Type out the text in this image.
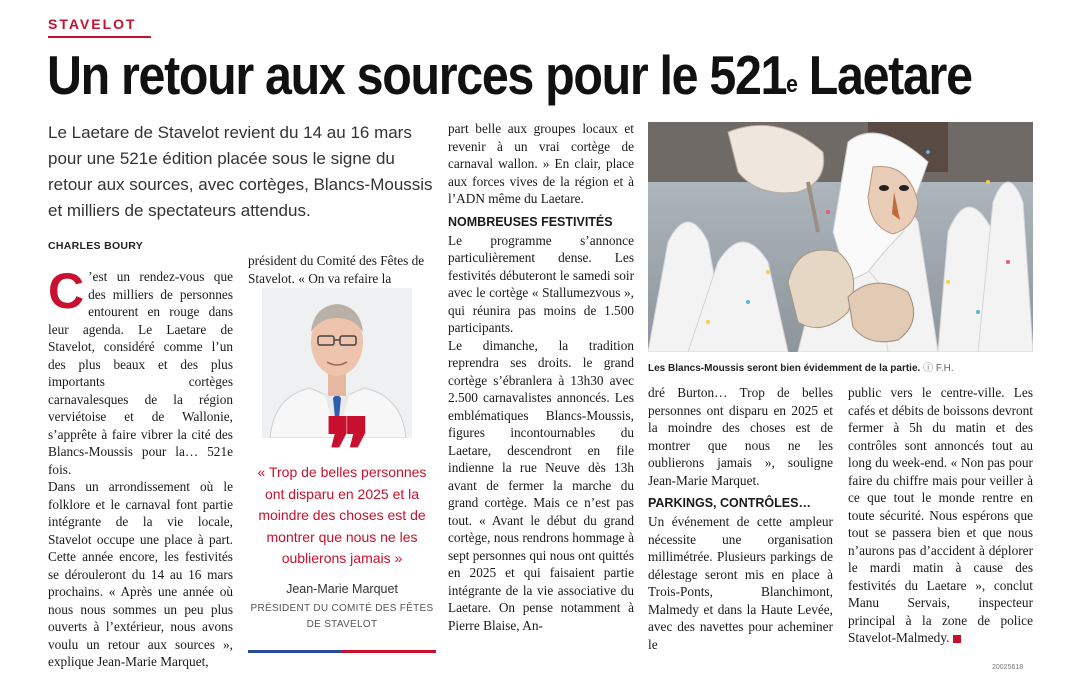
STAVELOT
Un retour aux sources pour le 521e Laetare

Le Laetare de Stavelot revient du 14 au 16 mars pour une 521e édition placée sous le signe du retour aux sources, avec cortèges, Blancs-Moussis et milliers de spectateurs attendus.

CHARLES BOURY
C ’est un rendez-vous que des milliers de personnes entourent en rouge dans leur agenda. Le Laetare de Stavelot, considéré comme l’un des plus beaux et des plus importants cortèges carnavalesques de la région verviétoise et de Wallonie, s’apprête à faire vibrer la cité des Blancs-Moussis pour la… 521e fois.

Dans un arrondissement où le folklore et le carnaval font partie intégrante de la vie locale, Stavelot occupe une place à part. Cette année encore, les festivités se dérouleront du 14 au 16 mars prochains. « Après une année où nous nous sommes un peu plus ouverts à l’extérieur, nous avons voulu un retour aux sources », explique Jean-Marie Marquet,

président du Comité des Fêtes de Stavelot. « On va refaire la

❞
« Trop de belles personnes ont disparu en 2025 et la moindre des choses est de montrer que nous ne les oublierons jamais »
Jean-Marie Marquet
PRÉSIDENT DU COMITÉ DES FÊTES DE STAVELOT

part belle aux groupes locaux et revenir à un vrai cortège de carnaval wallon. » En clair, place aux forces vives de la région et à l’ADN même du Laetare.

NOMBREUSES FESTIVITÉS

Le programme s’annonce particulièrement dense. Les festivités débuteront le samedi soir avec le cortège « Stallumezvous », qui réunira pas moins de 1.500 participants.

Le dimanche, la tradition reprendra ses droits. le grand cortège s’ébranlera à 13h30 avec 2.500 carnavalistes annoncés. Les emblématiques Blancs-Moussis, figures incontournables du Laetare, descendront en file indienne la rue Neuve dès 13h avant de fermer la marche du grand cortège. Mais ce n’est pas tout. « Avant le début du grand cortège, nous rendrons hommage à sept personnes qui nous ont quittés en 2025 et qui faisaient partie intégrante de la vie associative du Laetare. On pense notamment à Pierre Blaise, An-

Les Blancs-Moussis seront bien évidemment de la partie. ⓘ F.H.

dré Burton… Trop de belles personnes ont disparu en 2025 et la moindre des choses est de montrer que nous ne les oublierons jamais », souligne Jean-Marie Marquet.

PARKINGS, CONTRÔLES…

Un événement de cette ampleur nécessite une organisation millimétrée. Plusieurs parkings de délestage seront mis en place à Trois-Ponts, Blanchimont, Malmedy et dans la Haute Levée, avec des navettes pour acheminer le

public vers le centre-ville. Les cafés et débits de boissons devront fermer à 5h du matin et des contrôles sont annoncés tout au long du week-end. « Non pas pour faire du chiffre mais pour veiller à ce que tout le monde rentre en toute sécurité. Nous espérons que tout se passera bien et que nous n’aurons pas d’accident à déplorer le mardi matin à cause des festivités du Laetare », conclut Manu Servais, inspecteur principal à la zone de police Stavelot-Malmedy.

20025618
